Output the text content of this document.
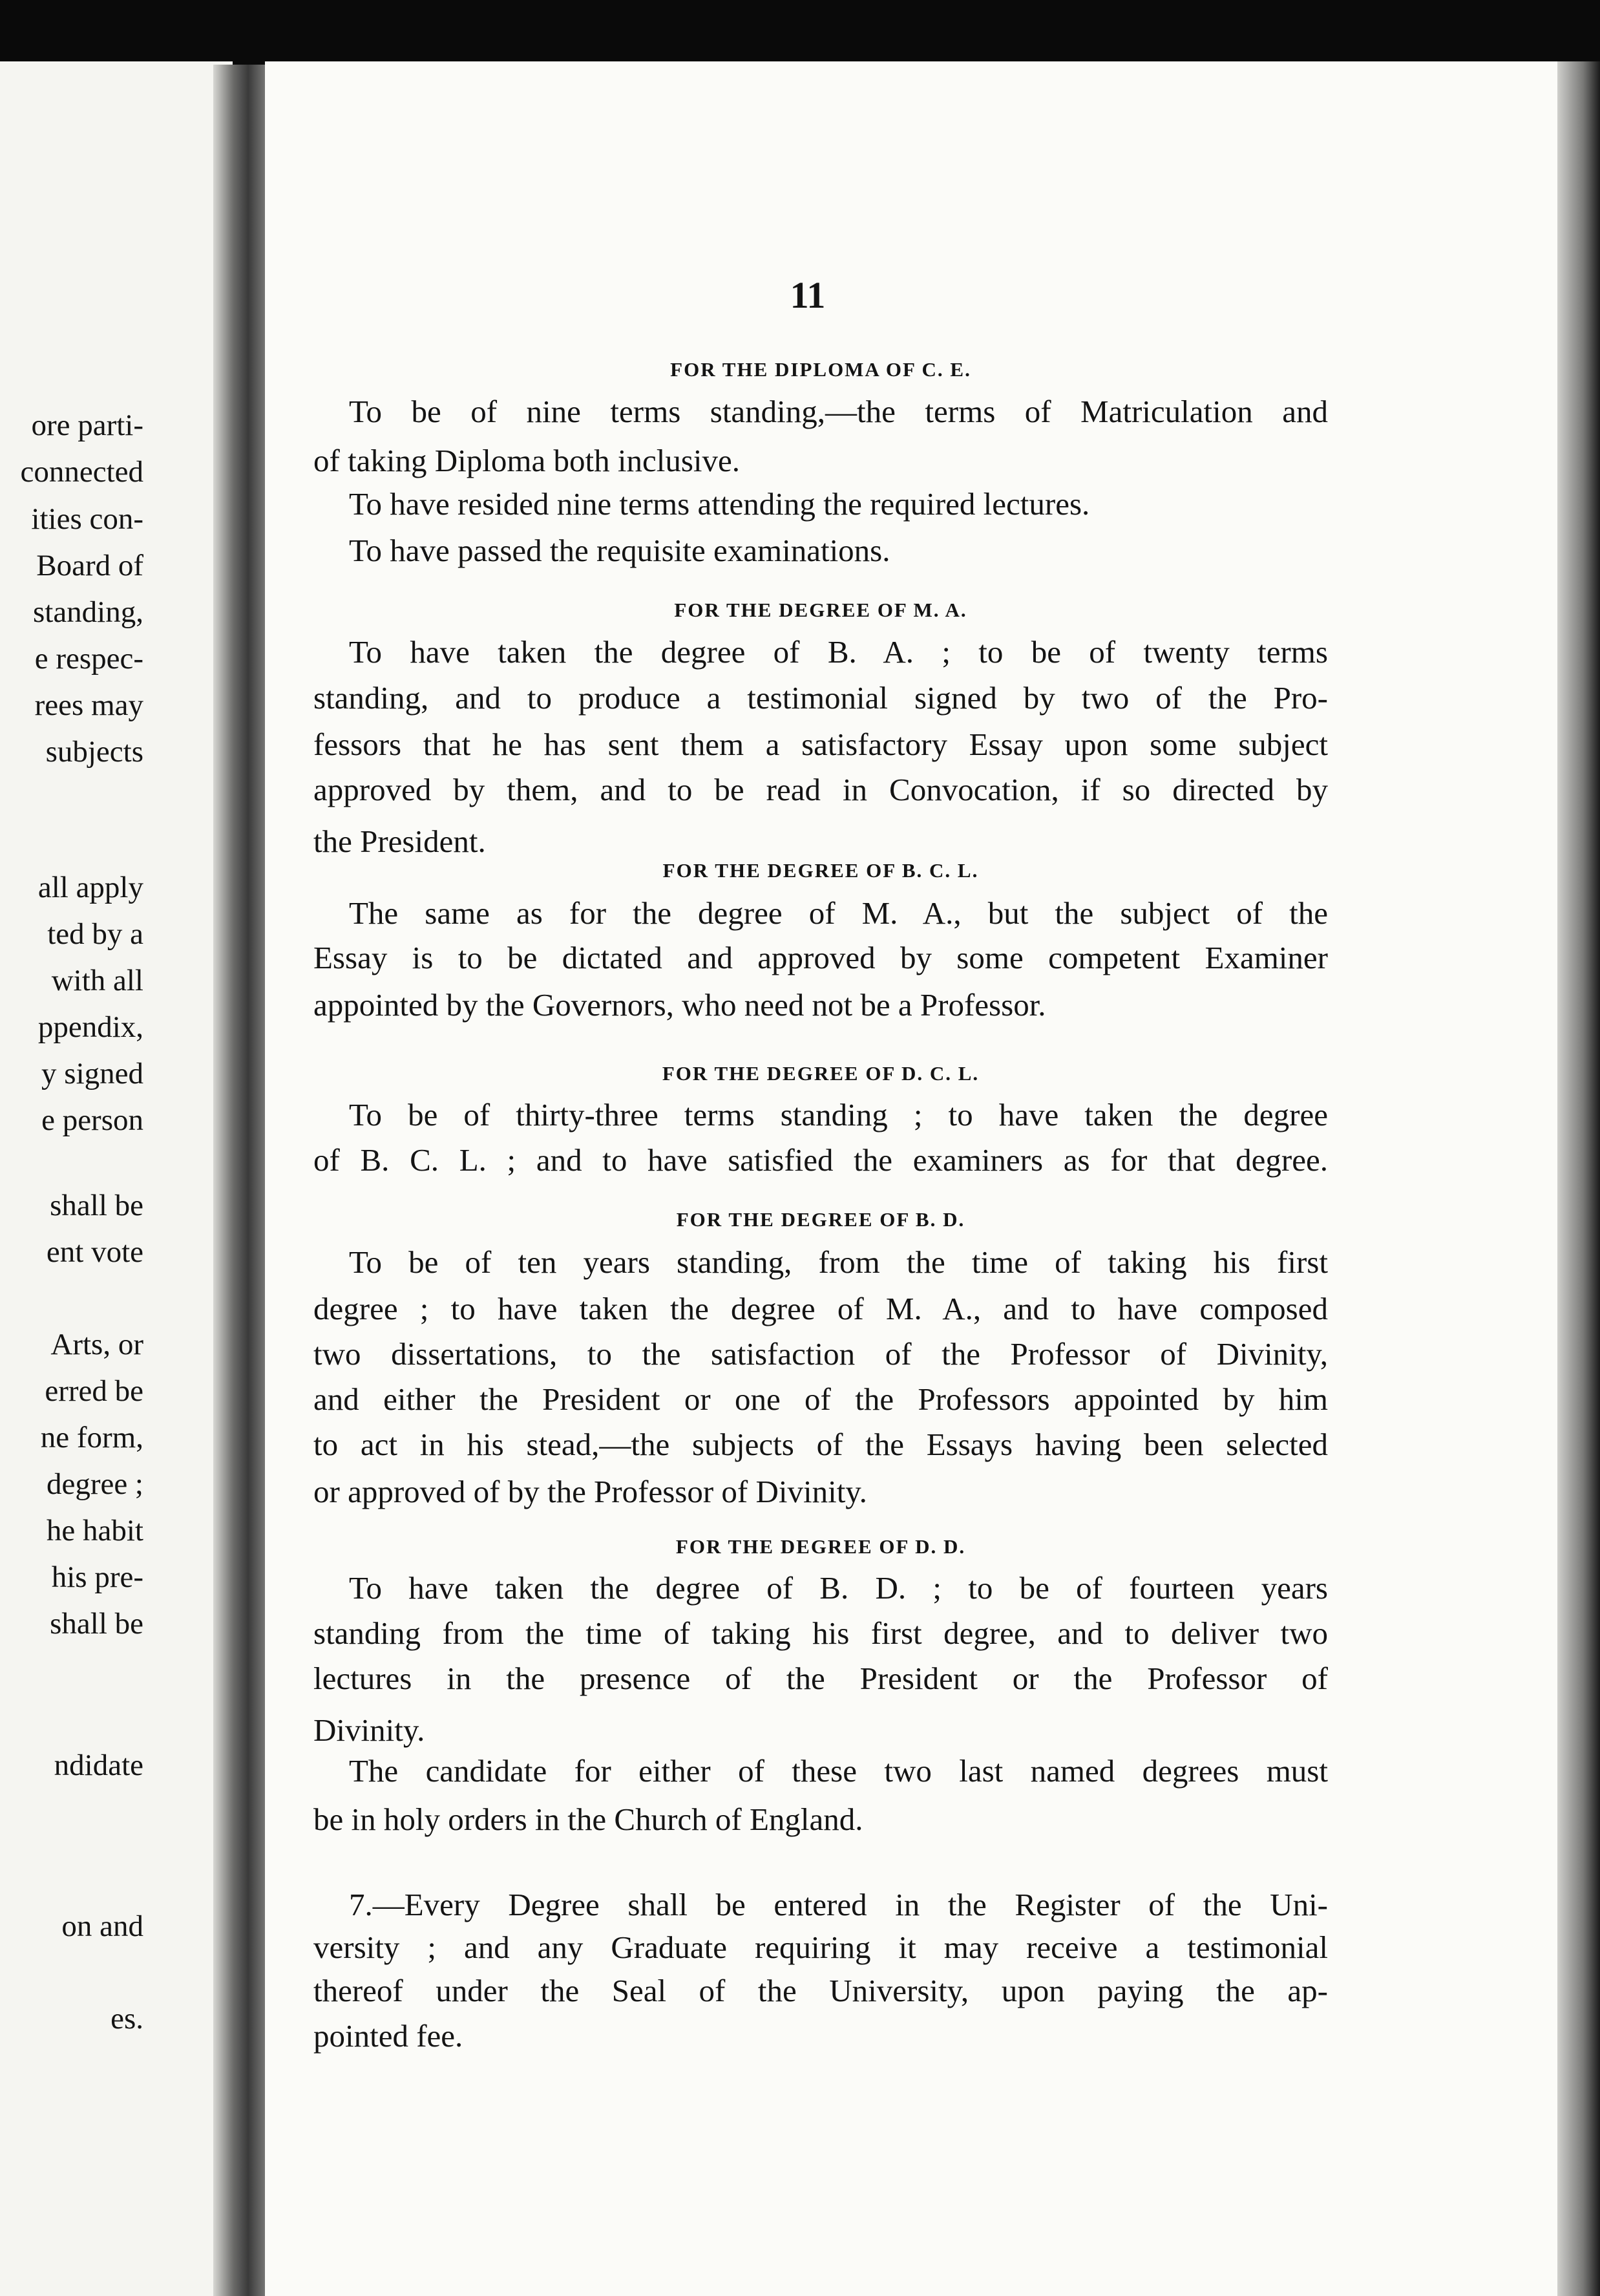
ore parti-
connected
ities con-
Board of
standing,
e respec-
rees may
subjects
all apply
ted by a
with all
ppendix,
y signed
e person
shall be
ent vote
Arts, or
erred be
ne form,
degree ;
he habit
his pre-
shall be
ndidate
on and
es.
11
FOR THE DIPLOMA OF C. E.
To be of nine terms standing,—the terms of Matriculation and
of taking Diploma both inclusive.
To have resided nine terms attending the required lectures.
To have passed the requisite examinations.
FOR THE DEGREE OF M. A.
To have taken the degree of B. A. ; to be of twenty terms
standing, and to produce a testimonial signed by two of the Pro-
fessors that he has sent them a satisfactory Essay upon some subject
approved by them, and to be read in Convocation, if so directed by
the President.
FOR THE DEGREE OF B. C. L.
The same as for the degree of M. A., but the subject of the
Essay is to be dictated and approved by some competent Examiner
appointed by the Governors, who need not be a Professor.
FOR THE DEGREE OF D. C. L.
To be of thirty-three terms standing ; to have taken the degree
of B. C. L. ; and to have satisfied the examiners as for that degree.
FOR THE DEGREE OF B. D.
To be of ten years standing, from the time of taking his first
degree ; to have taken the degree of M. A., and to have composed
two dissertations, to the satisfaction of the Professor of Divinity,
and either the President or one of the Professors appointed by him
to act in his stead,—the subjects of the Essays having been selected
or approved of by the Professor of Divinity.
FOR THE DEGREE OF D. D.
To have taken the degree of B. D. ; to be of fourteen years
standing from the time of taking his first degree, and to deliver two
lectures in the presence of the President or the Professor of
Divinity.
The candidate for either of these two last named degrees must
be in holy orders in the Church of England.
7.—Every Degree shall be entered in the Register of the Uni-
versity ; and any Graduate requiring it may receive a testimonial
thereof under the Seal of the University, upon paying the ap-
pointed fee.
